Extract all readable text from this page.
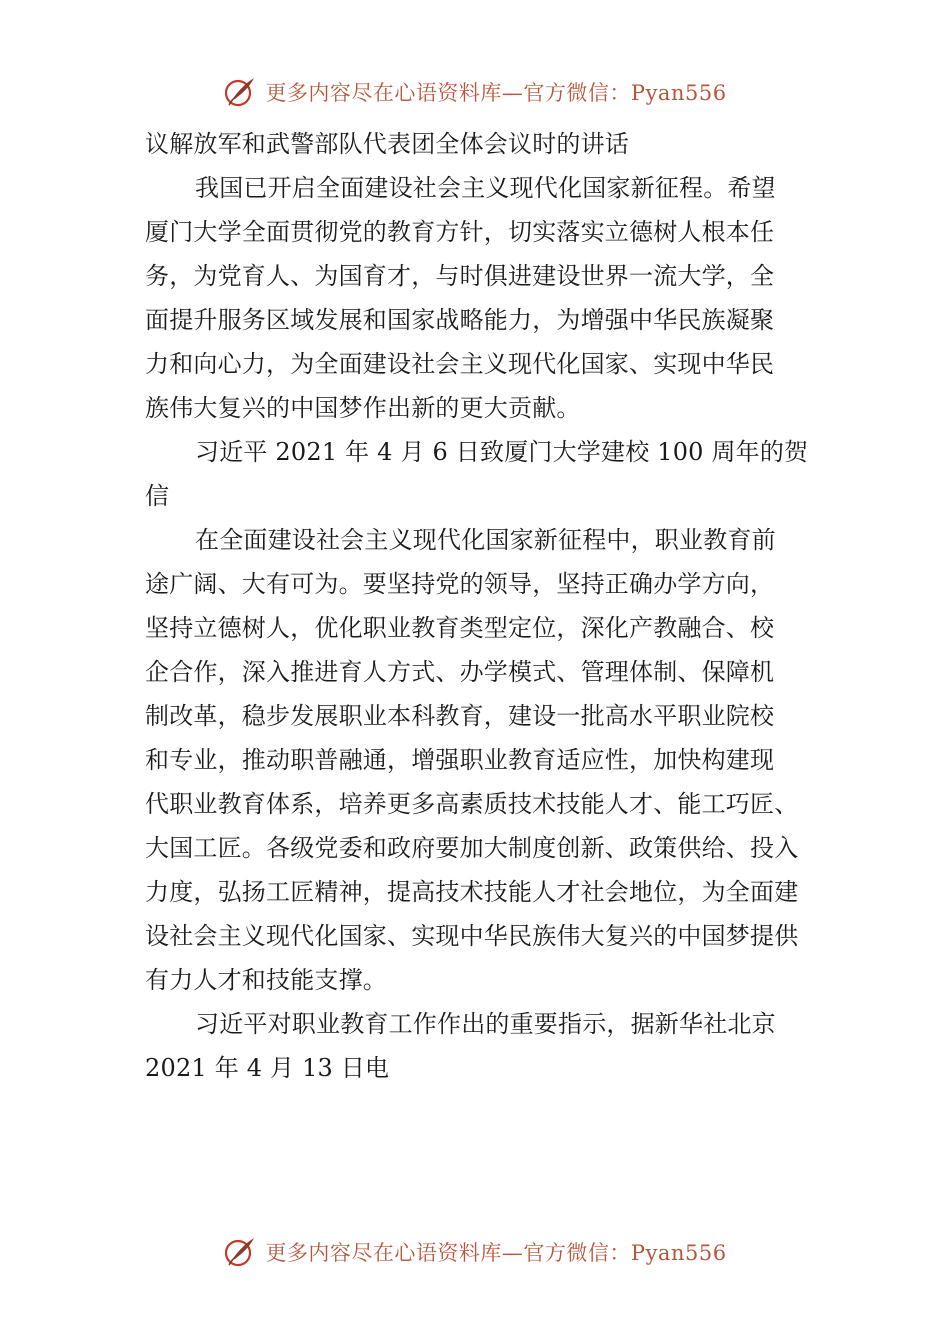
更多内容尽在心语资料库—官方微信：Pyan556
议解放军和武警部队代表团全体会议时的讲话
我国已开启全面建设社会主义现代化国家新征程。希望
厦门大学全面贯彻党的教育方针，切实落实立德树人根本任
务，为党育人、为国育才，与时俱进建设世界一流大学，全
面提升服务区域发展和国家战略能力，为增强中华民族凝聚
力和向心力，为全面建设社会主义现代化国家、实现中华民
族伟大复兴的中国梦作出新的更大贡献。
习近平 2021 年 4 月 6 日致厦门大学建校 100 周年的贺
信
在全面建设社会主义现代化国家新征程中，职业教育前
途广阔、大有可为。要坚持党的领导，坚持正确办学方向，
坚持立德树人，优化职业教育类型定位，深化产教融合、校
企合作，深入推进育人方式、办学模式、管理体制、保障机
制改革，稳步发展职业本科教育，建设一批高水平职业院校
和专业，推动职普融通，增强职业教育适应性，加快构建现
代职业教育体系，培养更多高素质技术技能人才、能工巧匠、
大国工匠。各级党委和政府要加大制度创新、政策供给、投入
力度，弘扬工匠精神，提高技术技能人才社会地位，为全面建
设社会主义现代化国家、实现中华民族伟大复兴的中国梦提供
有力人才和技能支撑。
习近平对职业教育工作作出的重要指示，据新华社北京
2021 年 4 月 13 日电
更多内容尽在心语资料库—官方微信：Pyan556
